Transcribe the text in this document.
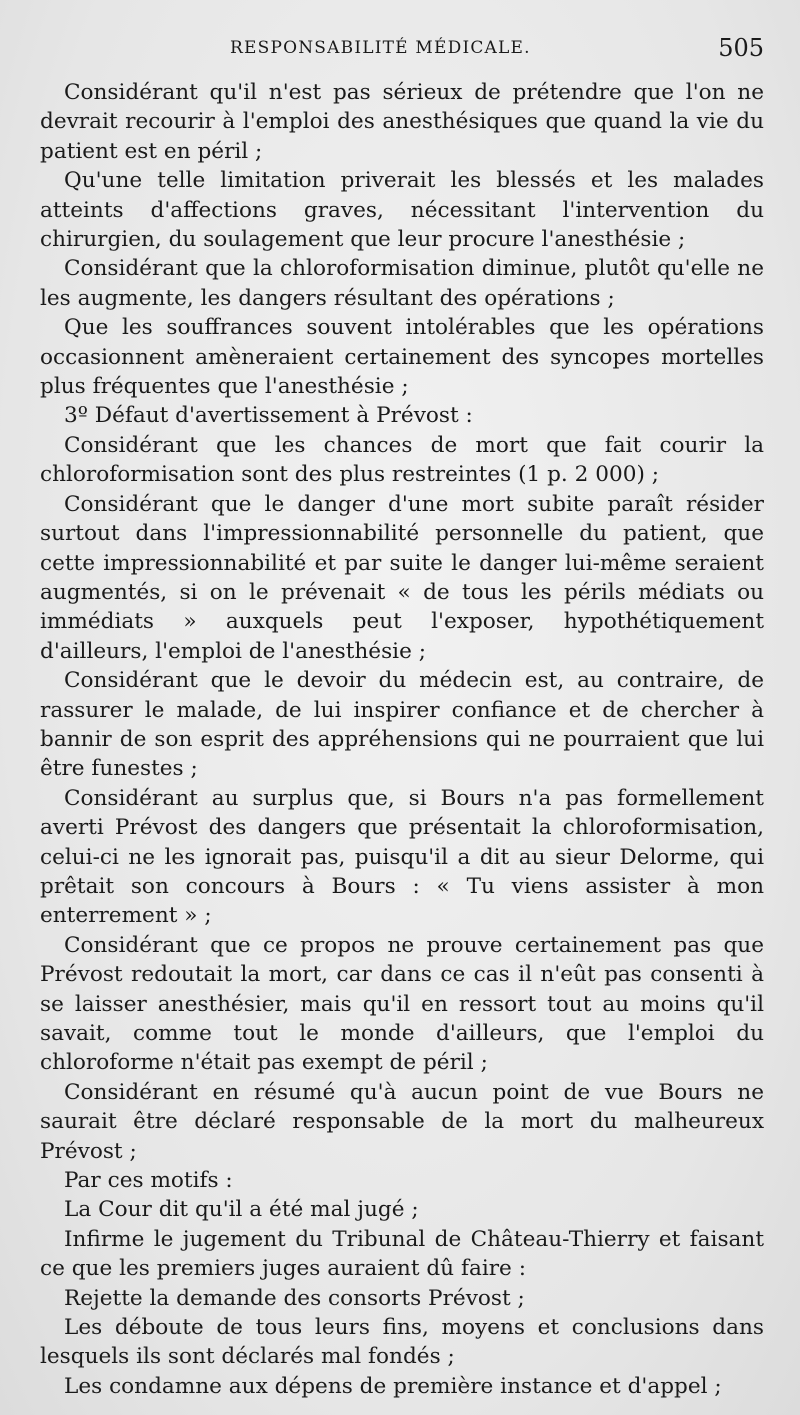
RESPONSABILITÉ MÉDICALE.	505

Considérant qu'il n'est pas sérieux de prétendre que l'on ne devrait recourir à l'emploi des anesthésiques que quand la vie du patient est en péril ;

Qu'une telle limitation priverait les blessés et les malades atteints d'affections graves, nécessitant l'intervention du chirurgien, du soulagement que leur procure l'anesthésie ;

Considérant que la chloroformisation diminue, plutôt qu'elle ne les augmente, les dangers résultant des opérations ;

Que les souffrances souvent intolérables que les opérations occasionnent amèneraient certainement des syncopes mortelles plus fréquentes que l'anesthésie ;

3º Défaut d'avertissement à Prévost :

Considérant que les chances de mort que fait courir la chloroformisation sont des plus restreintes (1 p. 2 000) ;

Considérant que le danger d'une mort subite paraît résider surtout dans l'impressionnabilité personnelle du patient, que cette impressionnabilité et par suite le danger lui-même seraient augmentés, si on le prévenait « de tous les périls médiats ou immédiats » auxquels peut l'exposer, hypothétiquement d'ailleurs, l'emploi de l'anesthésie ;

Considérant que le devoir du médecin est, au contraire, de rassurer le malade, de lui inspirer confiance et de chercher à bannir de son esprit des appréhensions qui ne pourraient que lui être funestes ;

Considérant au surplus que, si Bours n'a pas formellement averti Prévost des dangers que présentait la chloroformisation, celui-ci ne les ignorait pas, puisqu'il a dit au sieur Delorme, qui prêtait son concours à Bours : « Tu viens assister à mon enterrement » ;

Considérant que ce propos ne prouve certainement pas que Prévost redoutait la mort, car dans ce cas il n'eût pas consenti à se laisser anesthésier, mais qu'il en ressort tout au moins qu'il savait, comme tout le monde d'ailleurs, que l'emploi du chloroforme n'était pas exempt de péril ;

Considérant en résumé qu'à aucun point de vue Bours ne saurait être déclaré responsable de la mort du malheureux Prévost ;

Par ces motifs :

La Cour dit qu'il a été mal jugé ;

Infirme le jugement du Tribunal de Château-Thierry et faisant ce que les premiers juges auraient dû faire :

Rejette la demande des consorts Prévost ;

Les déboute de tous leurs fins, moyens et conclusions dans lesquels ils sont déclarés mal fondés ;

Les condamne aux dépens de première instance et d'appel ;
